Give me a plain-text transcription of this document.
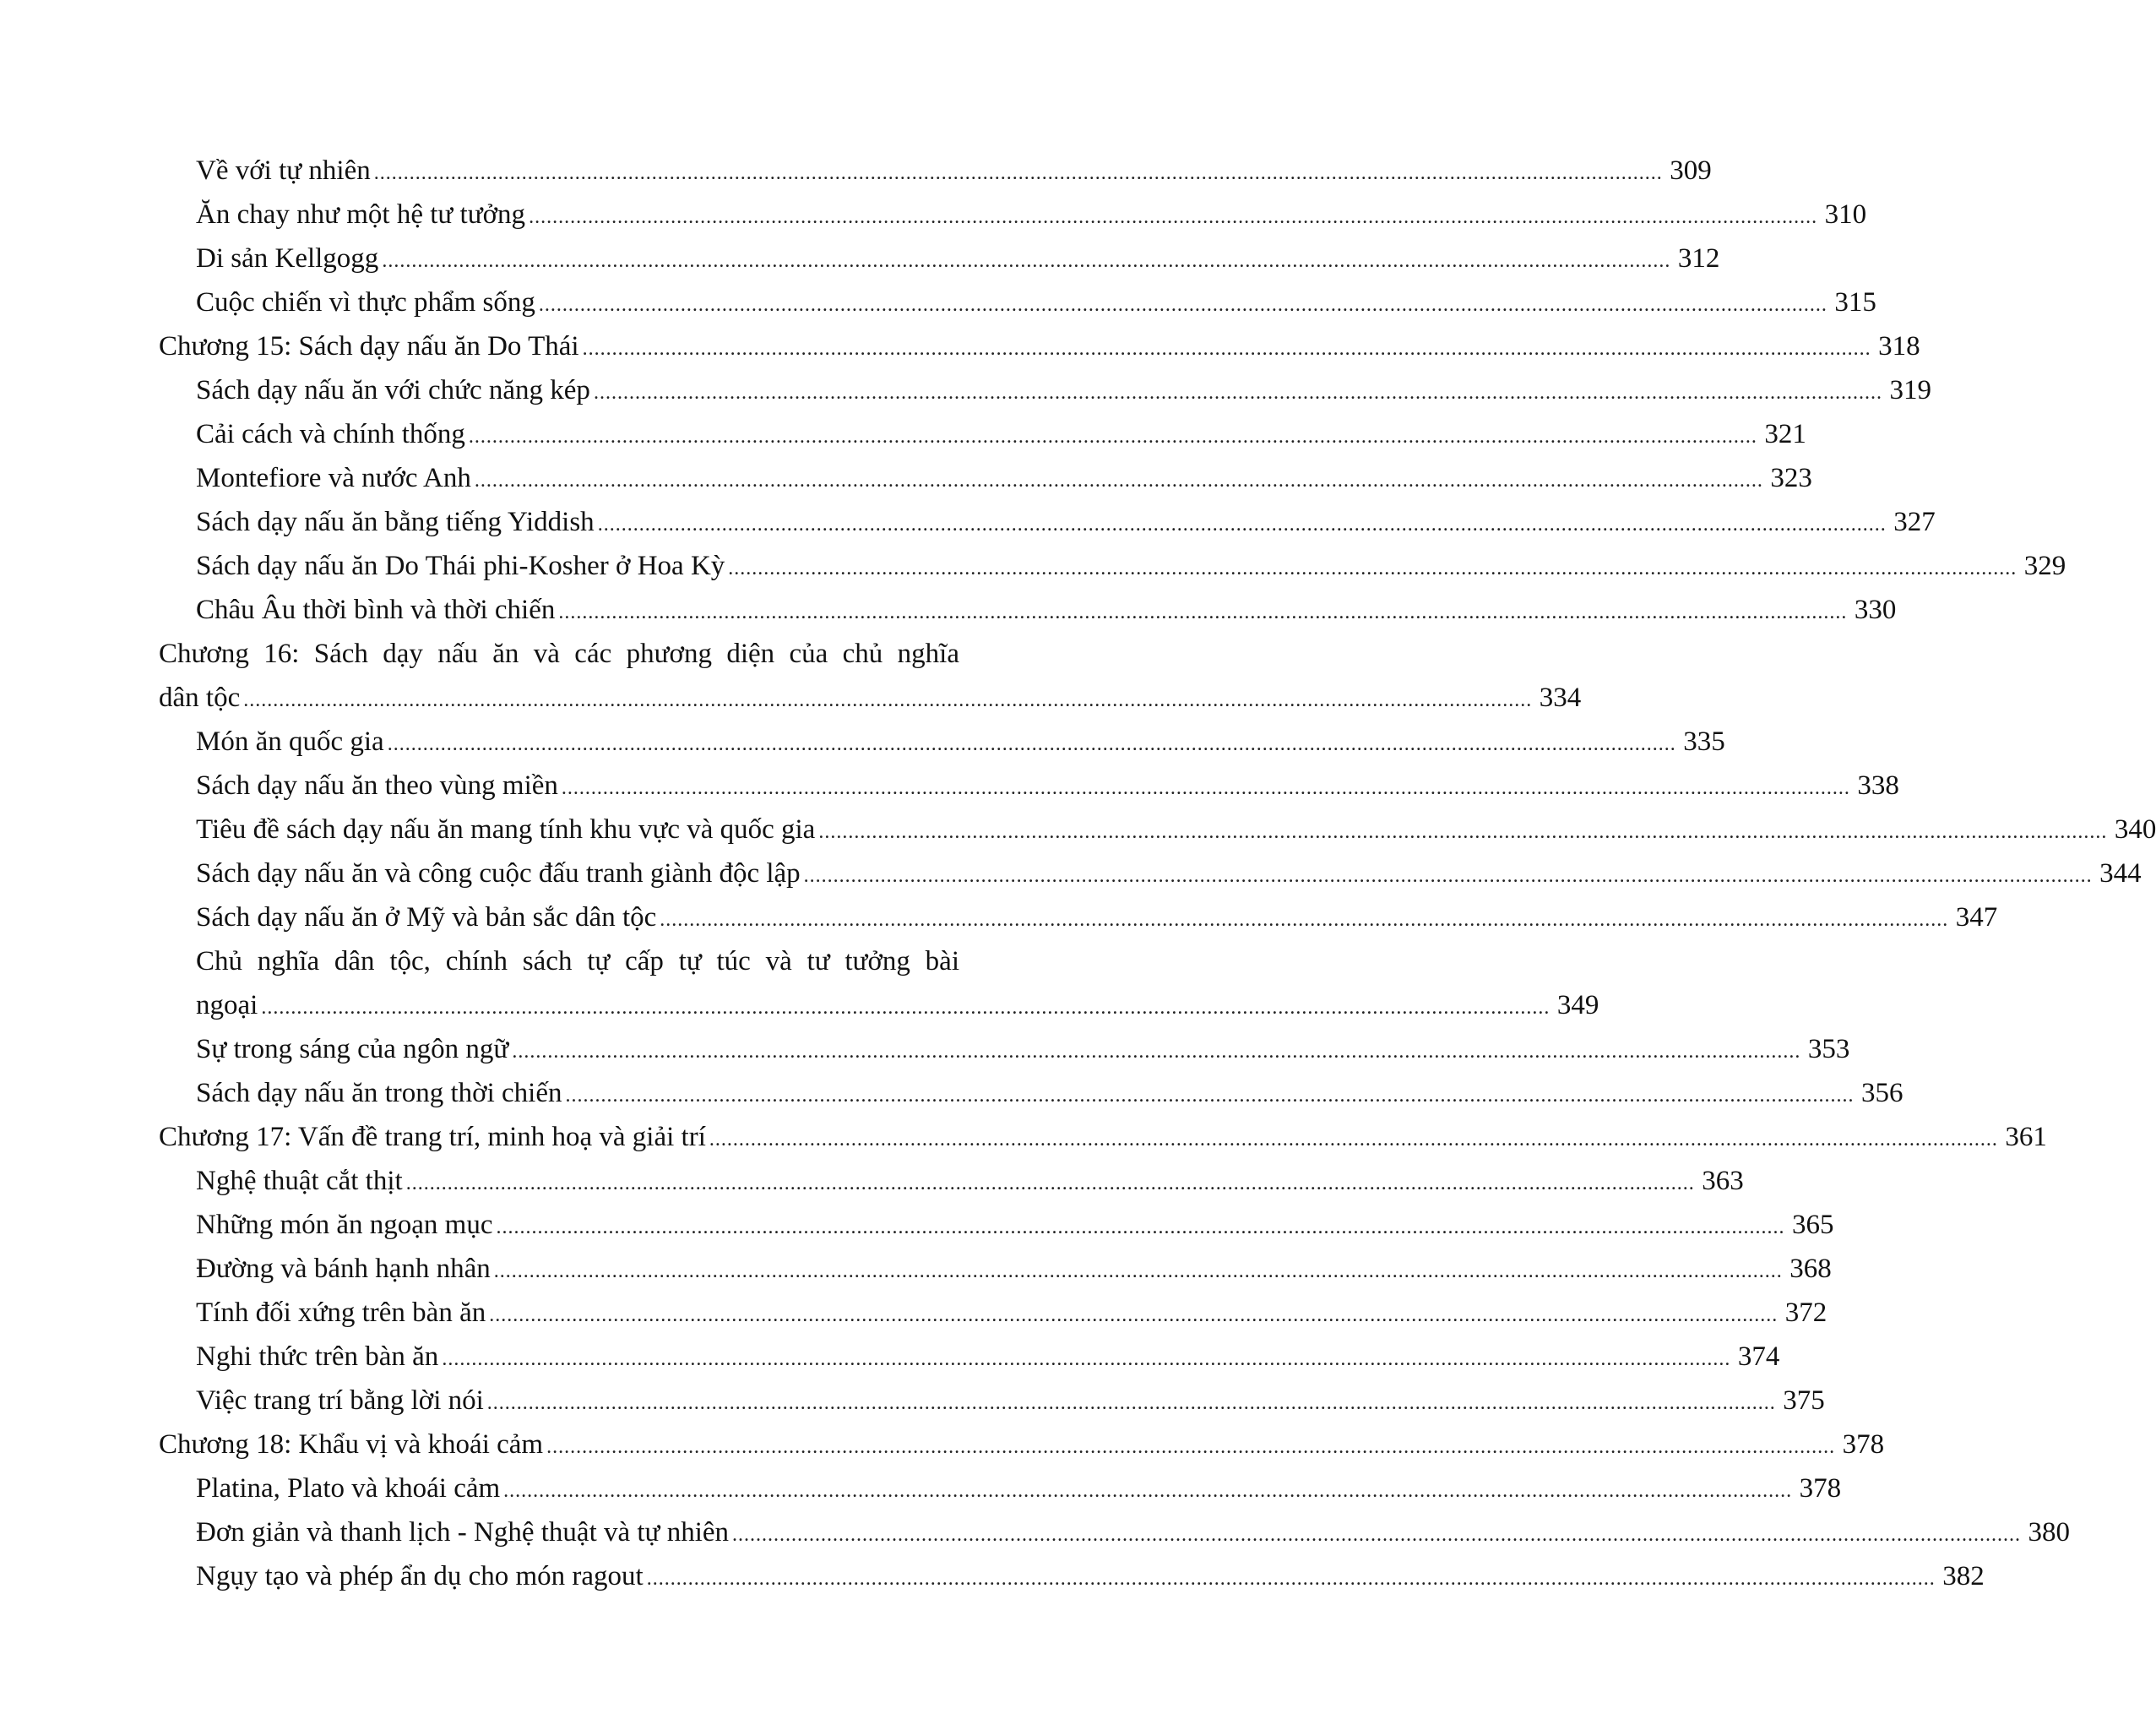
Về với tự nhiên .....	309
Ăn chay như một hệ tư tưởng .....	310
Di sản Kellgogg .....	312
Cuộc chiến vì thực phẩm sống .....	315
Chương 15: Sách dạy nấu ăn Do Thái .....	318
Sách dạy nấu ăn với chức năng kép .....	319
Cải cách và chính thống .....	321
Montefiore và nước Anh .....	323
Sách dạy nấu ăn bằng tiếng Yiddish .....	327
Sách dạy nấu ăn Do Thái phi-Kosher ở Hoa Kỳ .....	329
Châu Âu thời bình và thời chiến .....	330
Chương 16: Sách dạy nấu ăn và các phương diện của chủ nghĩa
dân tộc .....	334
Món ăn quốc gia .....	335
Sách dạy nấu ăn theo vùng miền .....	338
Tiêu đề sách dạy nấu ăn mang tính khu vực và quốc gia .....	340
Sách dạy nấu ăn và công cuộc đấu tranh giành độc lập .....	344
Sách dạy nấu ăn ở Mỹ và bản sắc dân tộc .....	347
Chủ nghĩa dân tộc, chính sách tự cấp tự túc và tư tưởng bài
ngoại .....	349
Sự trong sáng của ngôn ngữ .....	353
Sách dạy nấu ăn trong thời chiến .....	356
Chương 17: Vấn đề trang trí, minh hoạ và giải trí .....	361
Nghệ thuật cắt thịt .....	363
Những món ăn ngoạn mục .....	365
Đường và bánh hạnh nhân .....	368
Tính đối xứng trên bàn ăn .....	372
Nghi thức trên bàn ăn .....	374
Việc trang trí bằng lời nói .....	375
Chương 18: Khẩu vị và khoái cảm .....	378
Platina, Plato và khoái cảm .....	378
Đơn giản và thanh lịch - Nghệ thuật và tự nhiên .....	380
Ngụy tạo và phép ẩn dụ cho món ragout .....	382
